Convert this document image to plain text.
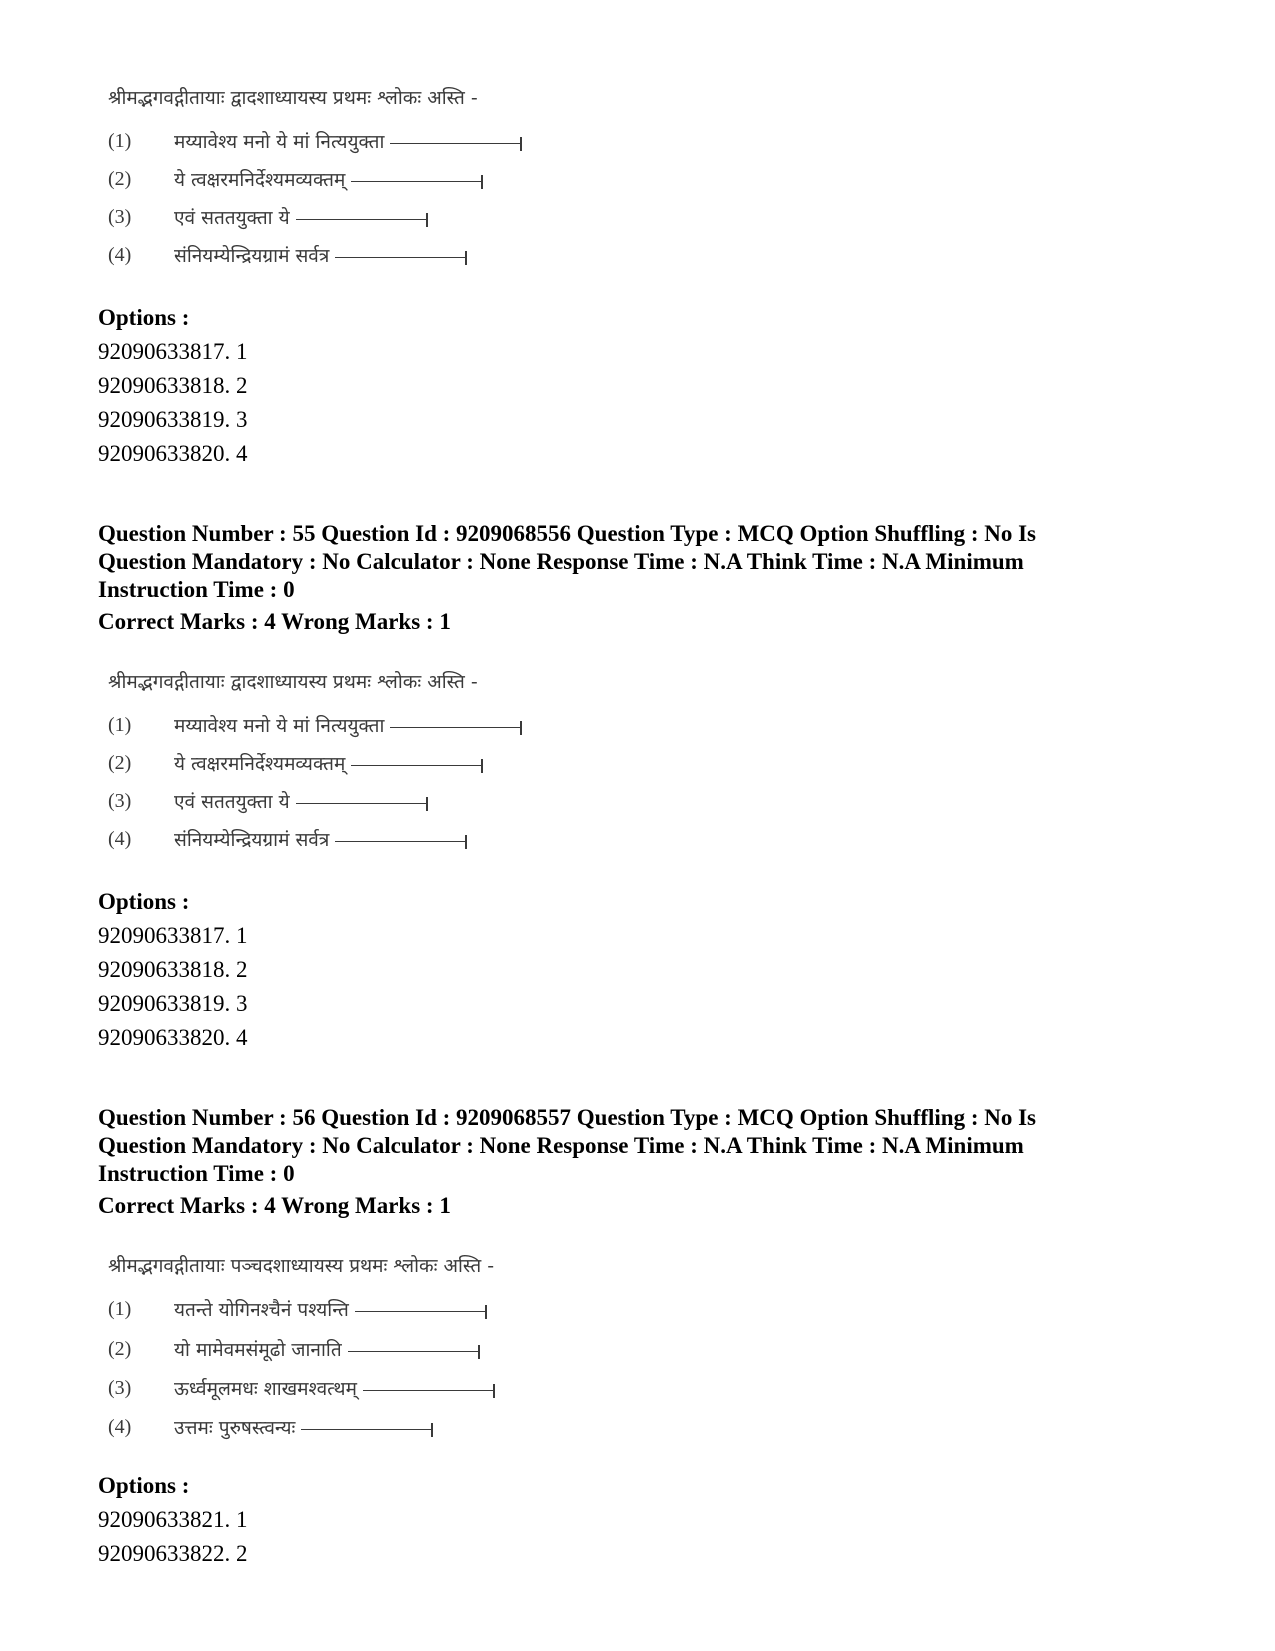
श्रीमद्भगवद्गीतायाः द्वादशाध्यायस्य प्रथमः श्लोकः अस्ति -
(1)	मय्यावेश्य मनो ये मां नित्ययुक्ता
(2)	ये त्वक्षरमनिर्देश्यमव्यक्तम्
(3)	एवं सततयुक्ता ये
(4)	संनियम्येन्द्रियग्रामं सर्वत्र
Options :
92090633817. 1
92090633818. 2
92090633819. 3
92090633820. 4
Question Number : 55 Question Id : 9209068556 Question Type : MCQ Option Shuffling : No Is
Question Mandatory : No Calculator : None Response Time : N.A Think Time : N.A Minimum
Instruction Time : 0
Correct Marks : 4 Wrong Marks : 1
श्रीमद्भगवद्गीतायाः द्वादशाध्यायस्य प्रथमः श्लोकः अस्ति -
(1)	मय्यावेश्य मनो ये मां नित्ययुक्ता
(2)	ये त्वक्षरमनिर्देश्यमव्यक्तम्
(3)	एवं सततयुक्ता ये
(4)	संनियम्येन्द्रियग्रामं सर्वत्र
Options :
92090633817. 1
92090633818. 2
92090633819. 3
92090633820. 4
Question Number : 56 Question Id : 9209068557 Question Type : MCQ Option Shuffling : No Is
Question Mandatory : No Calculator : None Response Time : N.A Think Time : N.A Minimum
Instruction Time : 0
Correct Marks : 4 Wrong Marks : 1
श्रीमद्भगवद्गीतायाः पञ्चदशाध्यायस्य प्रथमः श्लोकः अस्ति -
(1)	यतन्ते योगिनश्चैनं पश्यन्ति
(2)	यो मामेवमसंमूढो जानाति
(3)	ऊर्ध्वमूलमधः शाखमश्वत्थम्
(4)	उत्तमः पुरुषस्त्वन्यः
Options :
92090633821. 1
92090633822. 2
